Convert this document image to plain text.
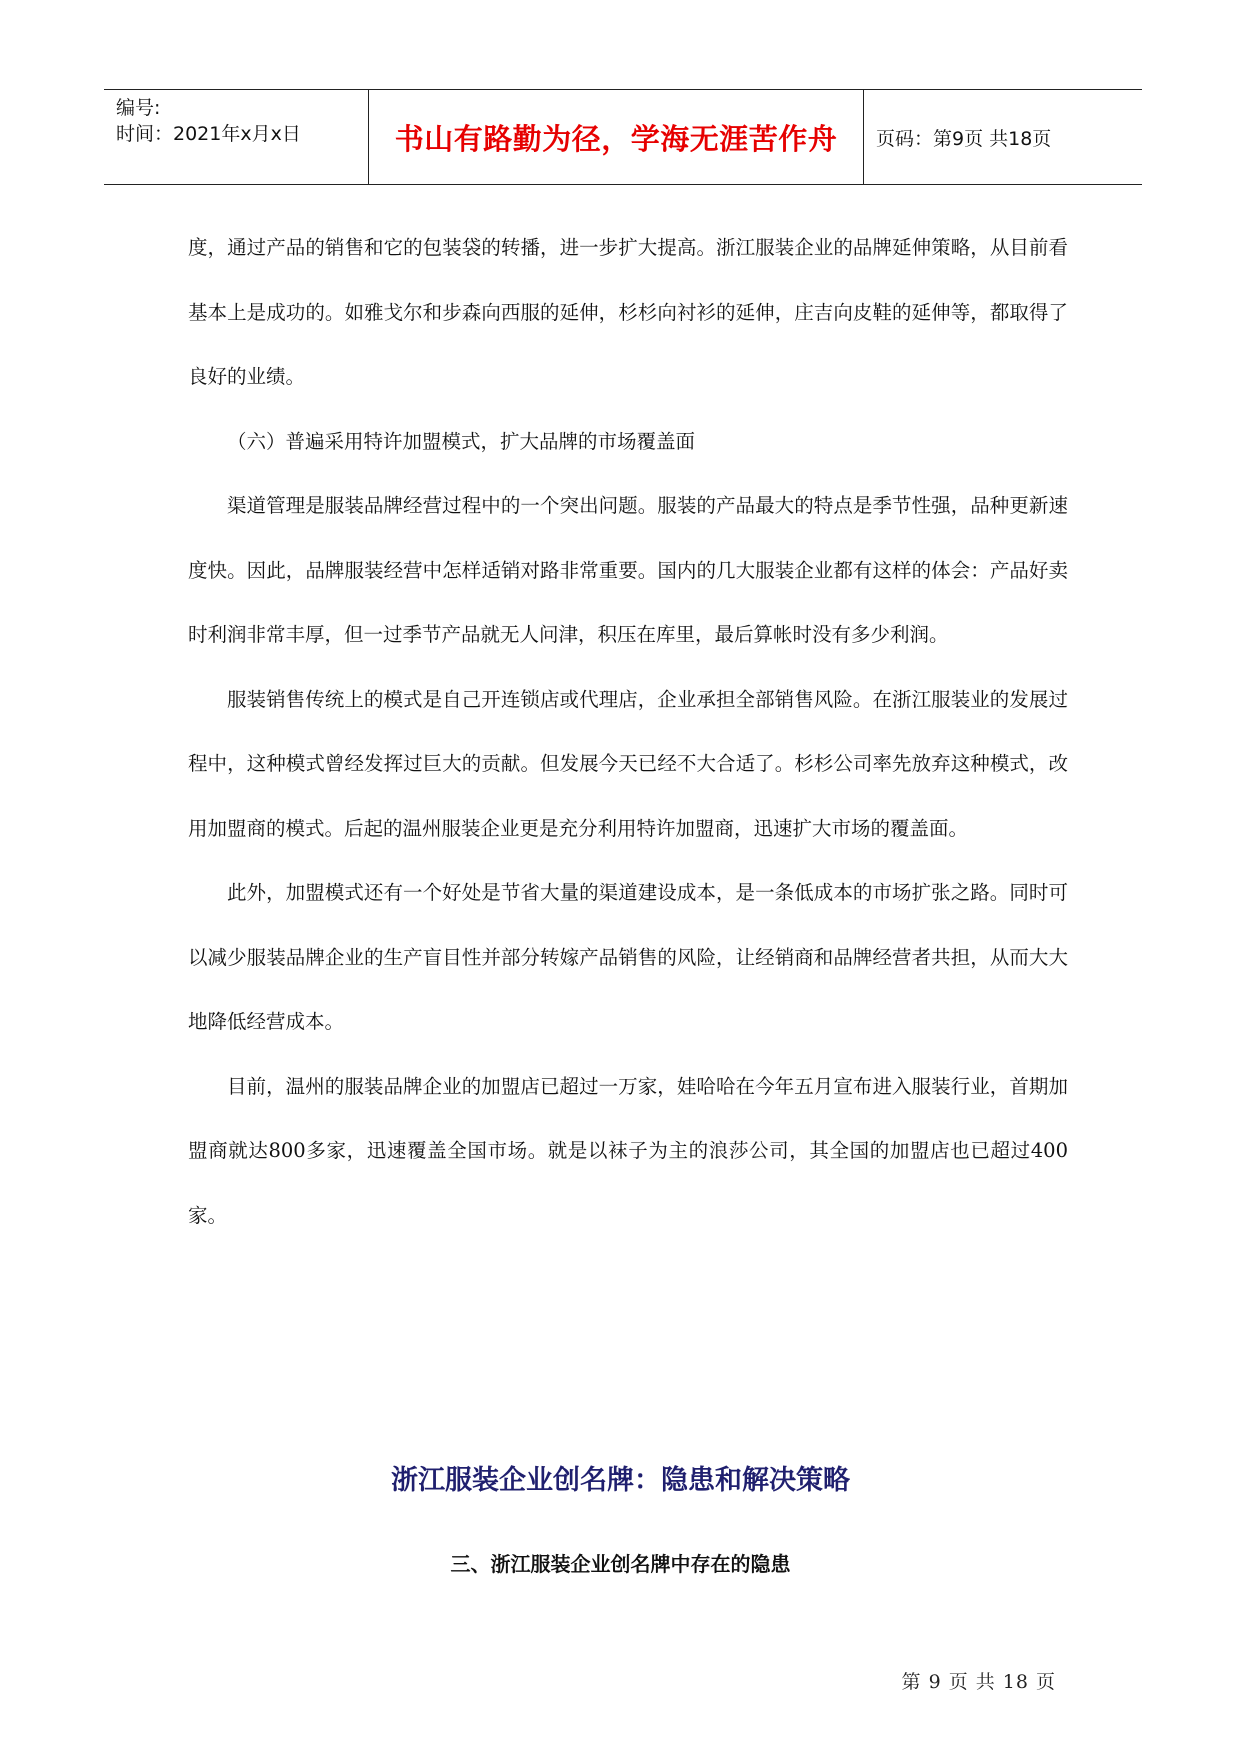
编号:
时间：2021年x月x日	书山有路勤为径，学海无涯苦作舟	页码：第9页 共18页

度，通过产品的销售和它的包装袋的转播，进一步扩大提高。浙江服装企业的品牌延伸策略，从目前看基本上是成功的。如雅戈尔和步森向西服的延伸，杉杉向衬衫的延伸，庄吉向皮鞋的延伸等，都取得了良好的业绩。

（六）普遍采用特许加盟模式，扩大品牌的市场覆盖面

渠道管理是服装品牌经营过程中的一个突出问题。服装的产品最大的特点是季节性强，品种更新速度快。因此，品牌服装经营中怎样适销对路非常重要。国内的几大服装企业都有这样的体会：产品好卖时利润非常丰厚，但一过季节产品就无人问津，积压在库里，最后算帐时没有多少利润。

服装销售传统上的模式是自己开连锁店或代理店，企业承担全部销售风险。在浙江服装业的发展过程中，这种模式曾经发挥过巨大的贡献。但发展今天已经不大合适了。杉杉公司率先放弃这种模式，改用加盟商的模式。后起的温州服装企业更是充分利用特许加盟商，迅速扩大市场的覆盖面。

此外，加盟模式还有一个好处是节省大量的渠道建设成本，是一条低成本的市场扩张之路。同时可以减少服装品牌企业的生产盲目性并部分转嫁产品销售的风险，让经销商和品牌经营者共担，从而大大地降低经营成本。

目前，温州的服装品牌企业的加盟店已超过一万家，娃哈哈在今年五月宣布进入服装行业，首期加盟商就达800多家，迅速覆盖全国市场。就是以袜子为主的浪莎公司，其全国的加盟店也已超过400家。

浙江服装企业创名牌：隐患和解决策略
三、浙江服装企业创名牌中存在的隐患
第 9 页 共 18 页
